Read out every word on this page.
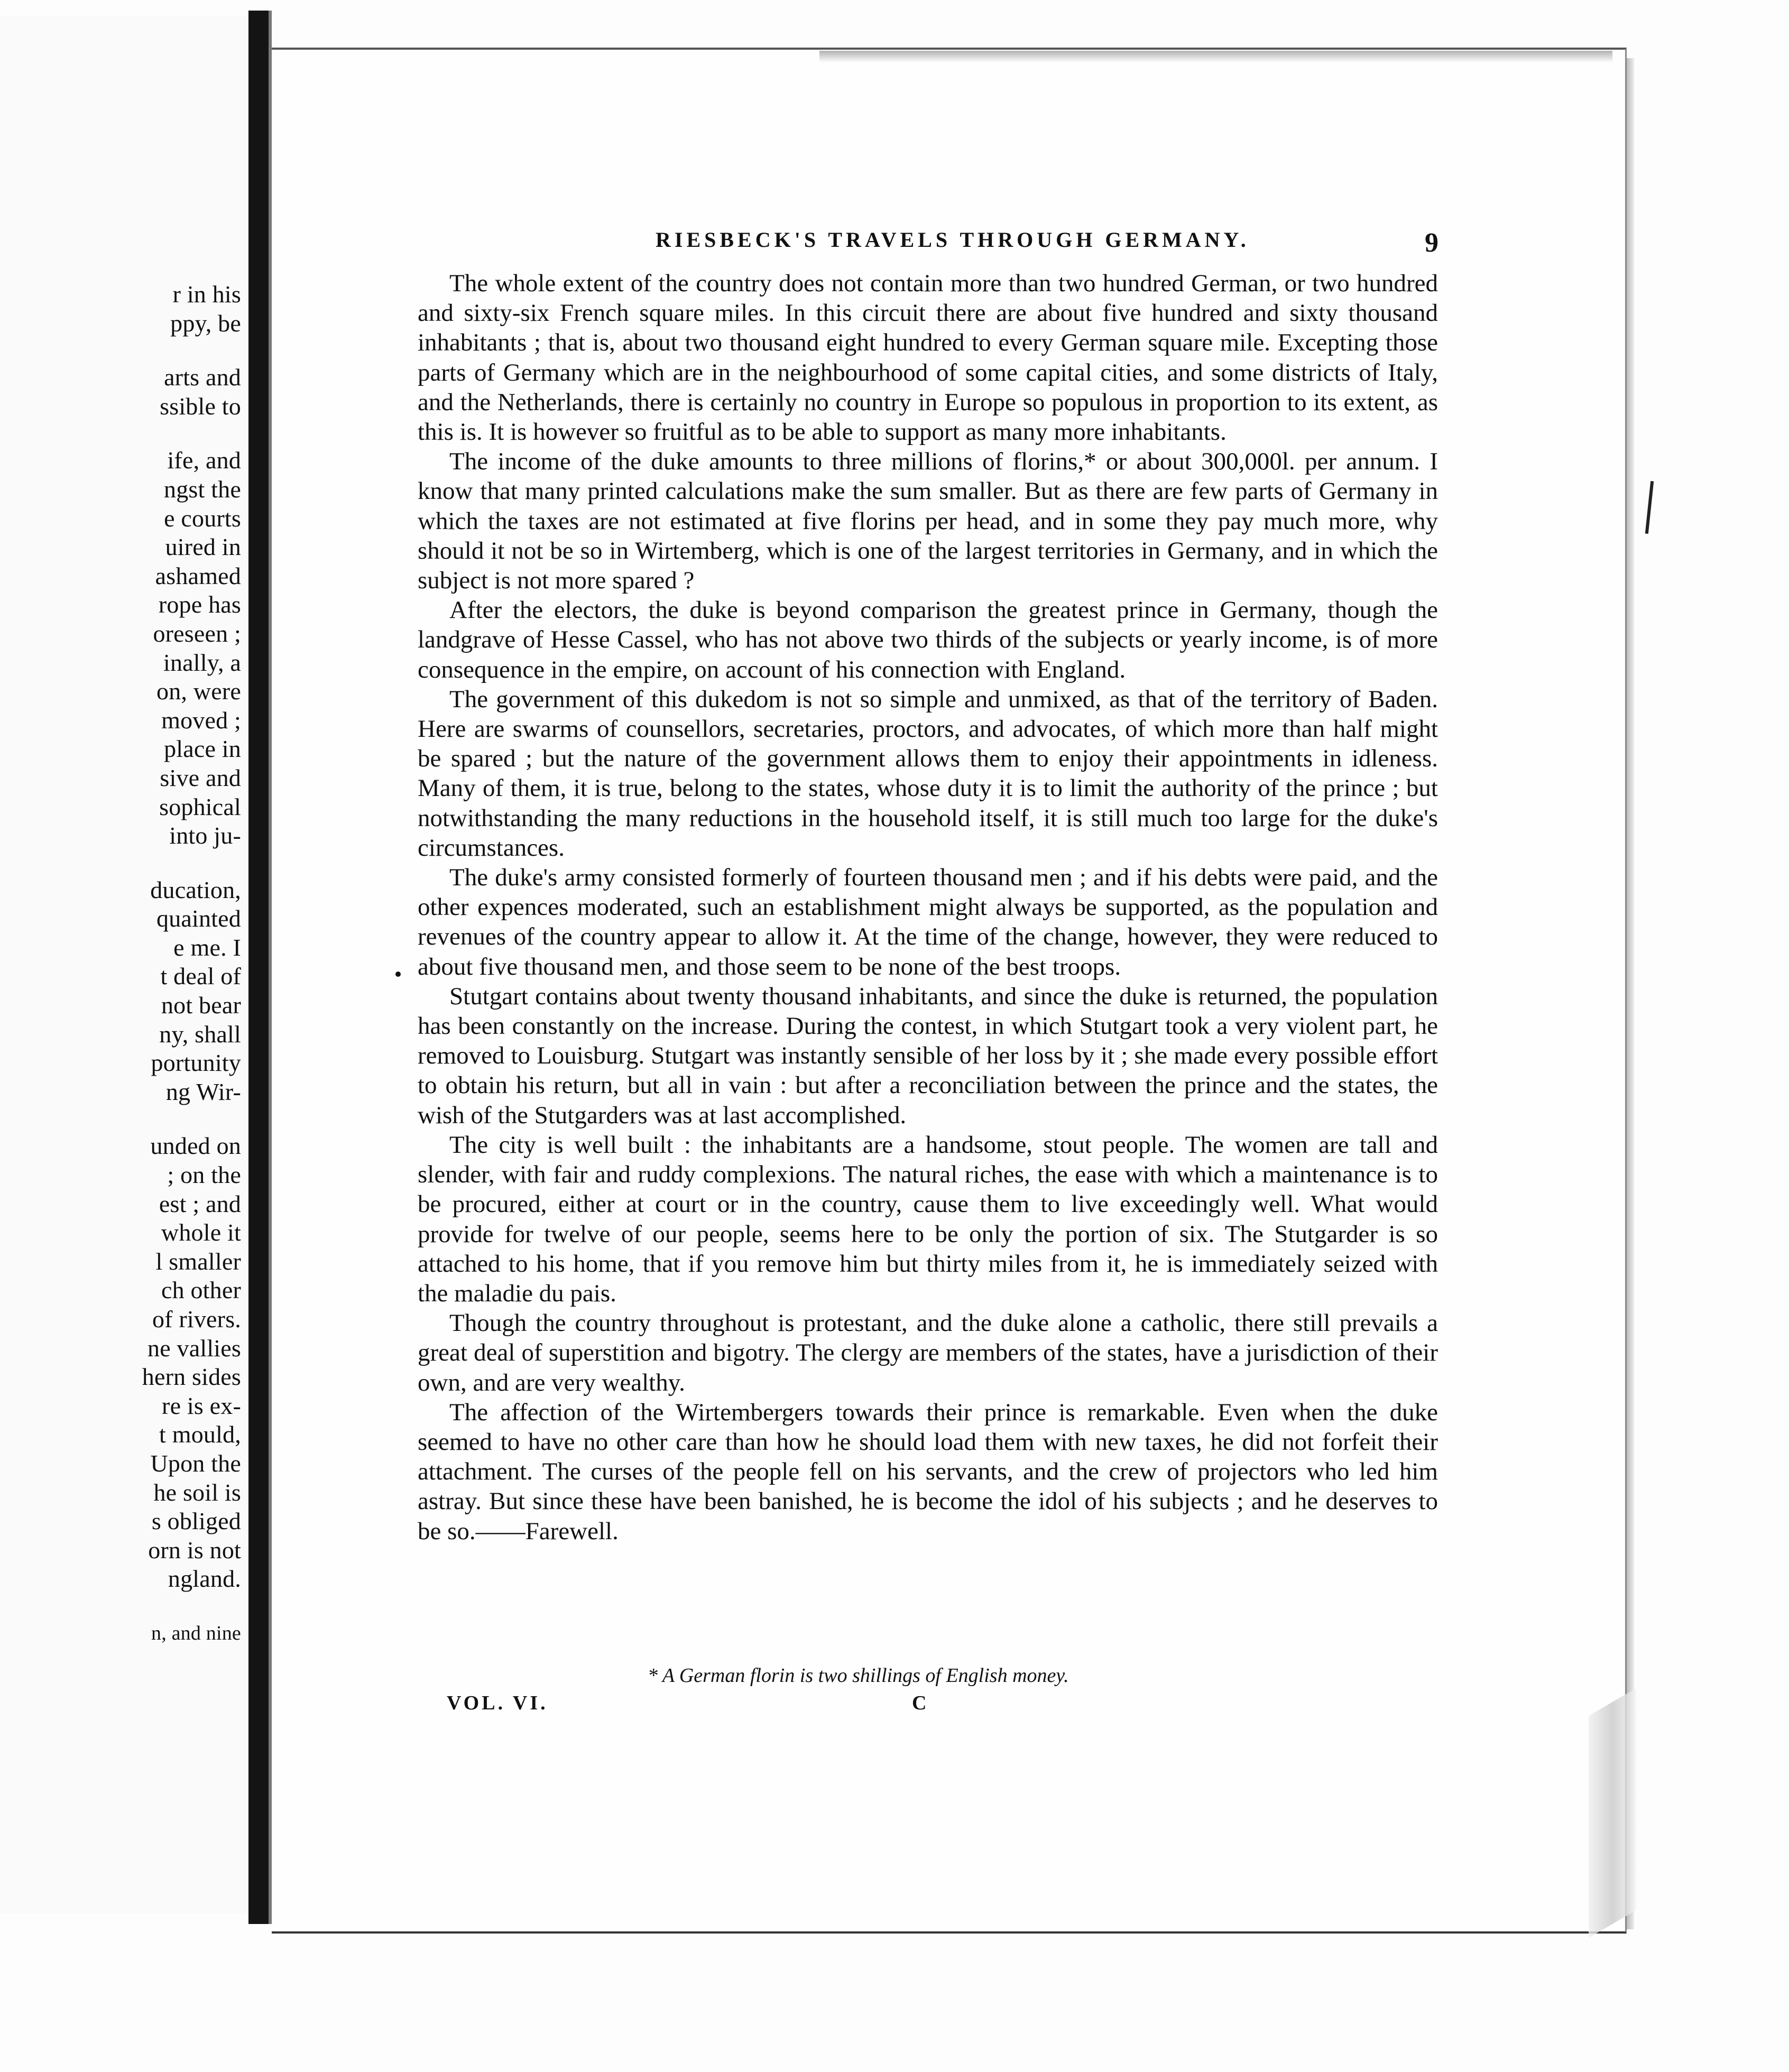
r in his
ppy, be
arts and
ssible to
ife, and
ngst the
e courts
uired in
ashamed
rope has
oreseen ;
inally, a
on, were
moved ;
place in
sive and
sophical
into ju-
ducation,
quainted
e me. I
t deal of
not bear
ny, shall
portunity
ng Wir-
unded on
; on the
est ; and
whole it
l smaller
ch other
of rivers.
ne vallies
hern sides
re is ex-
t mould,
Upon the
he soil is
s obliged
orn is not
ngland.
n, and nine
RIESBECK'S TRAVELS THROUGH GERMANY.	9

The whole extent of the country does not contain more than two hundred German, or two hundred and sixty-six French square miles. In this circuit there are about five hundred and sixty thousand inhabitants ; that is, about two thousand eight hundred to every German square mile. Excepting those parts of Germany which are in the neighbourhood of some capital cities, and some districts of Italy, and the Netherlands, there is certainly no country in Europe so populous in proportion to its extent, as this is. It is however so fruitful as to be able to support as many more inhabitants.

The income of the duke amounts to three millions of florins,* or about 300,000l. per annum. I know that many printed calculations make the sum smaller. But as there are few parts of Germany in which the taxes are not estimated at five florins per head, and in some they pay much more, why should it not be so in Wirtemberg, which is one of the largest territories in Germany, and in which the subject is not more spared ?

After the electors, the duke is beyond comparison the greatest prince in Germany, though the landgrave of Hesse Cassel, who has not above two thirds of the subjects or yearly income, is of more consequence in the empire, on account of his connection with England.

The government of this dukedom is not so simple and unmixed, as that of the territory of Baden. Here are swarms of counsellors, secretaries, proctors, and advocates, of which more than half might be spared ; but the nature of the government allows them to enjoy their appointments in idleness. Many of them, it is true, belong to the states, whose duty it is to limit the authority of the prince ; but notwithstanding the many reductions in the household itself, it is still much too large for the duke's circumstances.

The duke's army consisted formerly of fourteen thousand men ; and if his debts were paid, and the other expences moderated, such an establishment might always be supported, as the population and revenues of the country appear to allow it. At the time of the change, however, they were reduced to about five thousand men, and those seem to be none of the best troops.

Stutgart contains about twenty thousand inhabitants, and since the duke is returned, the population has been constantly on the increase. During the contest, in which Stutgart took a very violent part, he removed to Louisburg. Stutgart was instantly sensible of her loss by it ; she made every possible effort to obtain his return, but all in vain : but after a reconciliation between the prince and the states, the wish of the Stutgarders was at last accomplished.

The city is well built : the inhabitants are a handsome, stout people. The women are tall and slender, with fair and ruddy complexions. The natural riches, the ease with which a maintenance is to be procured, either at court or in the country, cause them to live exceedingly well. What would provide for twelve of our people, seems here to be only the portion of six. The Stutgarder is so attached to his home, that if you remove him but thirty miles from it, he is immediately seized with the maladie du pais.

Though the country throughout is protestant, and the duke alone a catholic, there still prevails a great deal of superstition and bigotry. The clergy are members of the states, have a jurisdiction of their own, and are very wealthy.

The affection of the Wirtembergers towards their prince is remarkable. Even when the duke seemed to have no other care than how he should load them with new taxes, he did not forfeit their attachment. The curses of the people fell on his servants, and the crew of projectors who led him astray. But since these have been banished, he is become the idol of his subjects ; and he deserves to be so.——Farewell.

* A German florin is two shillings of English money.
VOL. VI.	C
